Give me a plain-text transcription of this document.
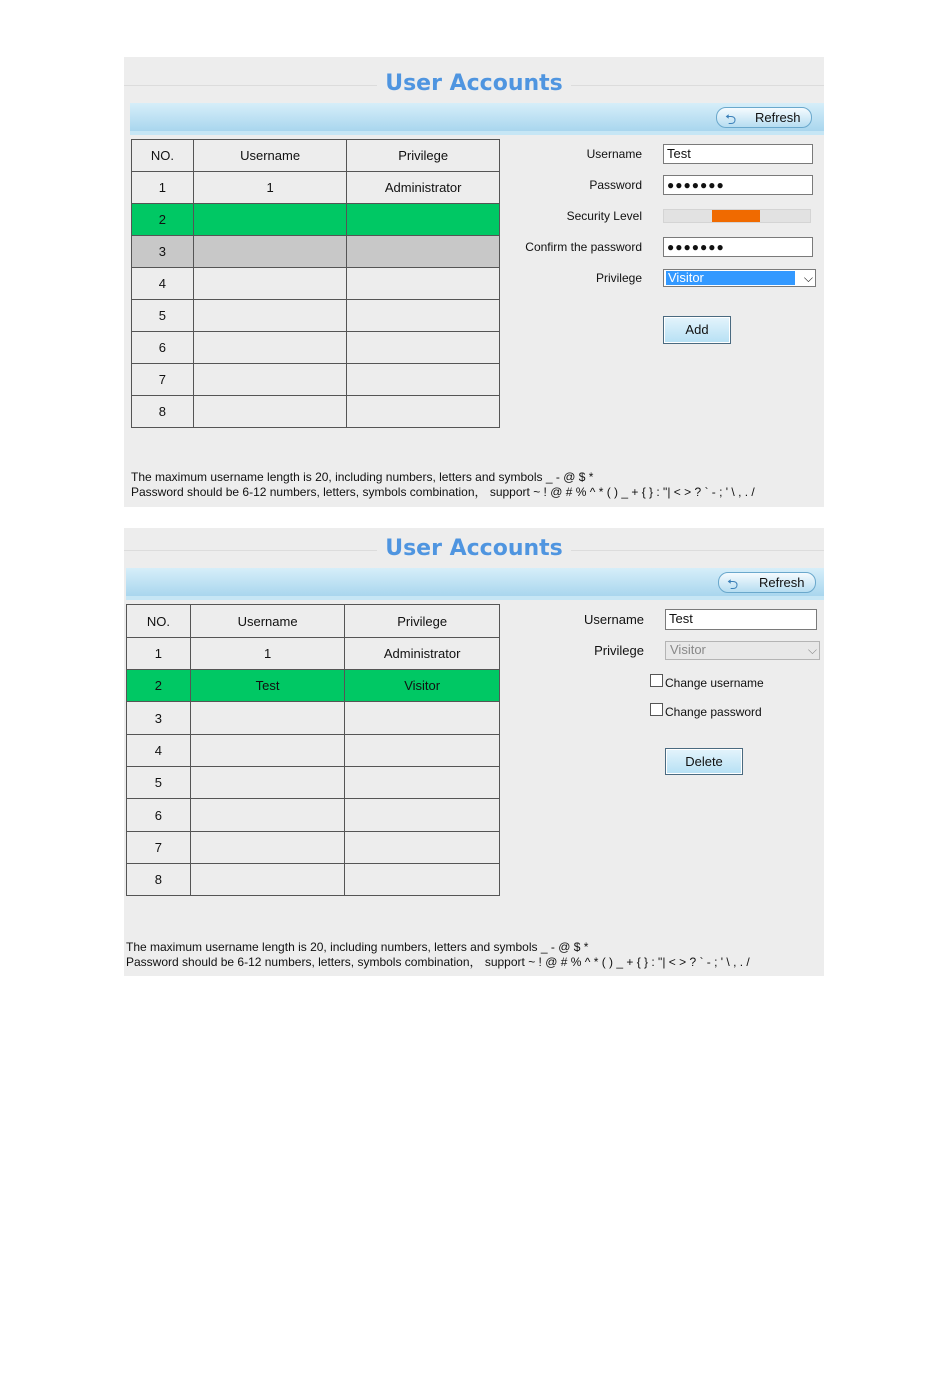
User Accounts
⮌ Refresh
NO.	Username	Privilege
1	1	Administrator
2		
3		
4		
5		
6		
7		
8		
Username	Test
Password	●●●●●●●
Security Level
Confirm the password	●●●●●●●
Privilege Visitor	⌵
Add
The maximum username length is 20, including numbers, letters and symbols _ - @ $ *
Password should be 6-12 numbers, letters, symbols combination， support ~ ! @ # % ^ * ( ) _ + { } : "| < > ? ` - ; ' \ , . /
User Accounts
⮌ Refresh
NO.	Username	Privilege
1	1	Administrator
2	Test	Visitor
3		
4		
5		
6		
7		
8		
Username	Test
Privilege Visitor	⌵
Change username
Change password
Delete
The maximum username length is 20, including numbers, letters and symbols _ - @ $ *
Password should be 6-12 numbers, letters, symbols combination， support ~ ! @ # % ^ * ( ) _ + { } : "| < > ? ` - ; ' \ , . /
